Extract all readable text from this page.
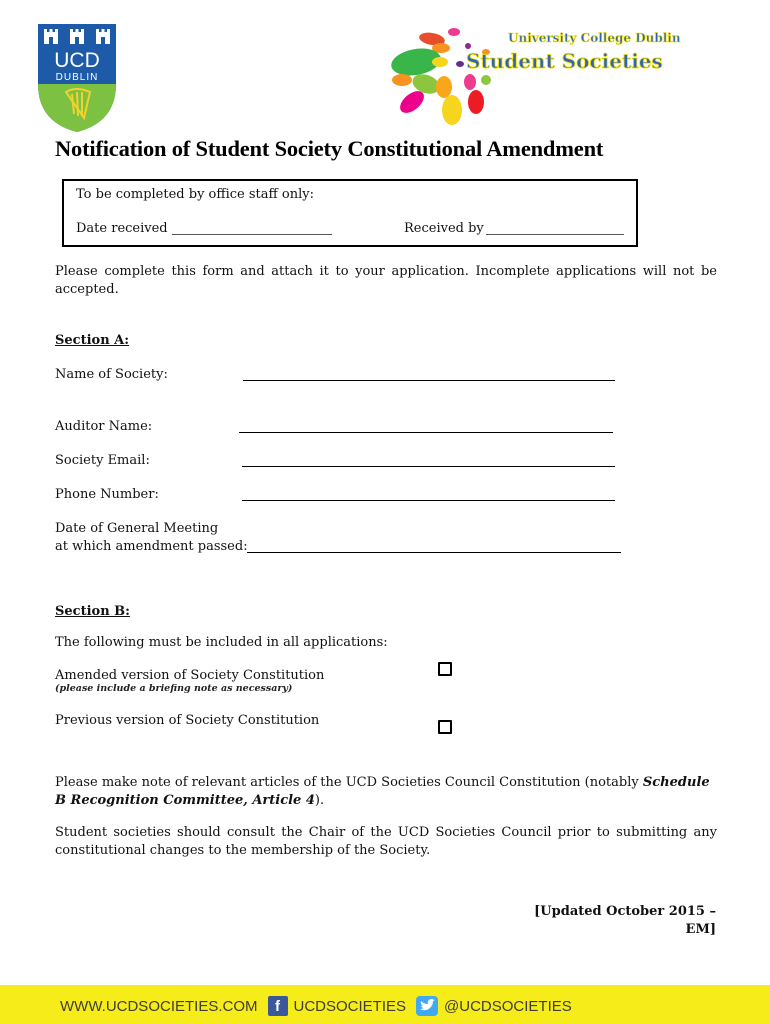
UCD
DUBLIN
University College Dublin
Student Societies
Notification of Student Society Constitutional Amendment
To be completed by office staff only:
Date received	Received by
Please complete this form and attach it to your application. Incomplete applications will not be accepted.
Section A:
Name of Society:
Auditor Name:
Society Email:
Phone Number:
Date of General Meeting
at which amendment passed:
Section B:
The following must be included in all applications:
Amended version of Society Constitution
(please include a briefing note as necessary)
Previous version of Society Constitution
Please make note of relevant articles of the UCD Societies Council Constitution (notably Schedule B Recognition Committee, Article 4).
Student societies should consult the Chair of the UCD Societies Council prior to submitting any constitutional changes to the membership of the Society.
[Updated October 2015 – EM]
WWW.UCDSOCIETIES.COM	f UCDSOCIETIES	@UCDSOCIETIES
